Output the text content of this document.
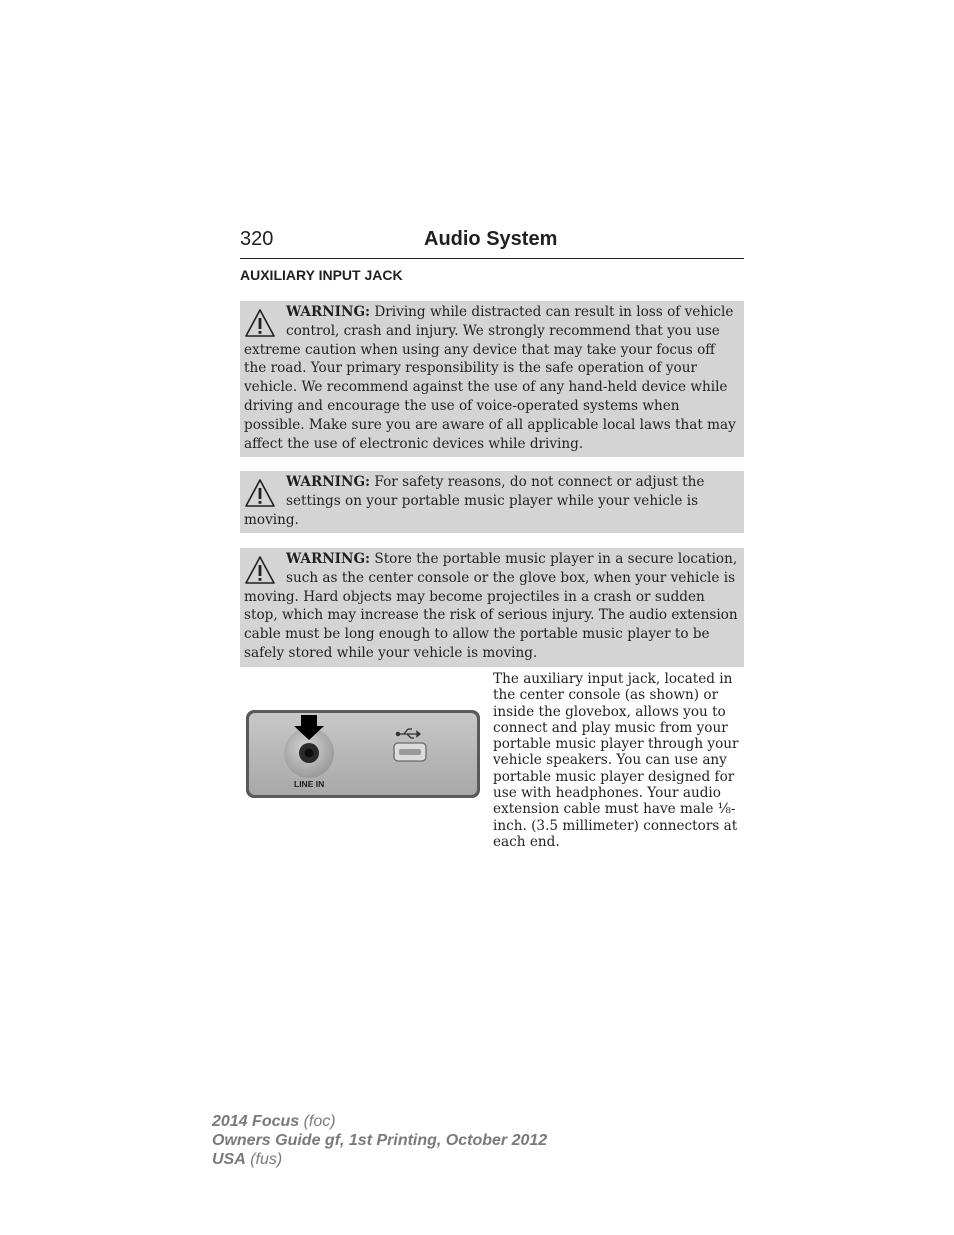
320	Audio System
AUXILIARY INPUT JACK
WARNING: Driving while distracted can result in loss of vehicle control, crash and injury. We strongly recommend that you use extreme caution when using any device that may take your focus off the road. Your primary responsibility is the safe operation of your vehicle. We recommend against the use of any hand-held device while driving and encourage the use of voice-operated systems when possible. Make sure you are aware of all applicable local laws that may affect the use of electronic devices while driving.
WARNING: For safety reasons, do not connect or adjust the settings on your portable music player while your vehicle is moving.
WARNING: Store the portable music player in a secure location, such as the center console or the glove box, when your vehicle is moving. Hard objects may become projectiles in a crash or sudden stop, which may increase the risk of serious injury. The audio extension cable must be long enough to allow the portable music player to be safely stored while your vehicle is moving.
LINE IN
The auxiliary input jack, located in the center console (as shown) or inside the glovebox, allows you to connect and play music from your portable music player through your vehicle speakers. You can use any portable music player designed for use with headphones. Your audio extension cable must have male ⅛-inch. (3.5 millimeter) connectors at each end.
2014 Focus (foc)
Owners Guide gf, 1st Printing, October 2012
USA (fus)
